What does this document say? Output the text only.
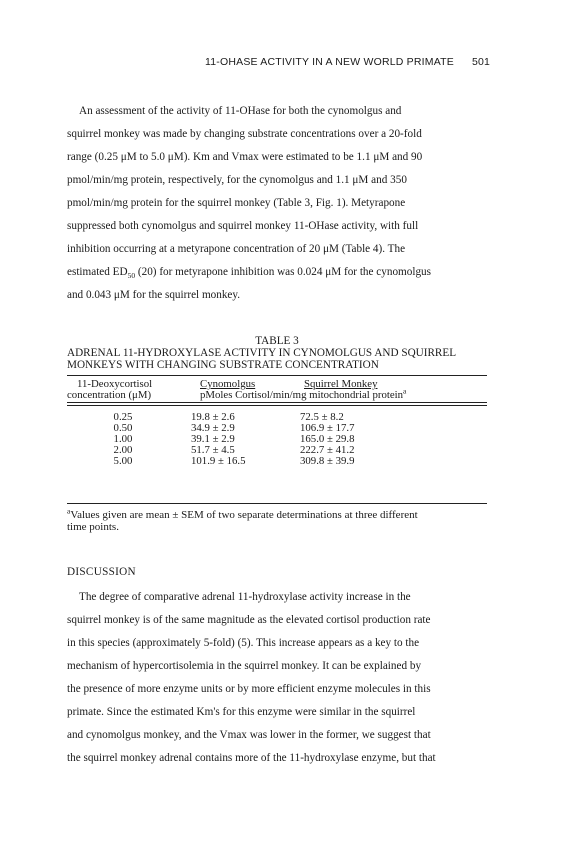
11-OHASE ACTIVITY IN A NEW WORLD PRIMATE 501
An assessment of the activity of 11-OHase for both the cynomolgus and
squirrel monkey was made by changing substrate concentrations over a 20-fold
range (0.25 μM to 5.0 μM). Km and Vmax were estimated to be 1.1 μM and 90
pmol/min/mg protein, respectively, for the cynomolgus and 1.1 μM and 350
pmol/min/mg protein for the squirrel monkey (Table 3, Fig. 1). Metyrapone
suppressed both cynomolgus and squirrel monkey 11-OHase activity, with full
inhibition occurring at a metyrapone concentration of 20 μM (Table 4). The
estimated $ED_{50}$ (20) for metyrapone inhibition was 0.024 μM for the cynomolgus
and 0.043 μM for the squirrel monkey.
TABLE 3
ADRENAL 11-HYDROXYLASE ACTIVITY IN CYNOMOLGUS AND SQUIRREL
MONKEYS WITH CHANGING SUBSTRATE CONCENTRATION
11-Deoxycortisol
concentration (μM)
Cynomolgus	Squirrel Monkey
pMoles Cortisol/min/mg mitochondrial protein$^a$
0.25	19.8 ± 2.6	72.5 ± 8.2
0.50	34.9 ± 2.9	106.9 ± 17.7
1.00	39.1 ± 2.9	165.0 ± 29.8
2.00	51.7 ± 4.5	222.7 ± 41.2
5.00	101.9 ± 16.5	309.8 ± 39.9
$^a$Values given are mean ± SEM of two separate determinations at three different
time points.
DISCUSSION
The degree of comparative adrenal 11-hydroxylase activity increase in the
squirrel monkey is of the same magnitude as the elevated cortisol production rate
in this species (approximately 5-fold) (5). This increase appears as a key to the
mechanism of hypercortisolemia in the squirrel monkey. It can be explained by
the presence of more enzyme units or by more efficient enzyme molecules in this
primate. Since the estimated Km's for this enzyme were similar in the squirrel
and cynomolgus monkey, and the Vmax was lower in the former, we suggest that
the squirrel monkey adrenal contains more of the 11-hydroxylase enzyme, but that
